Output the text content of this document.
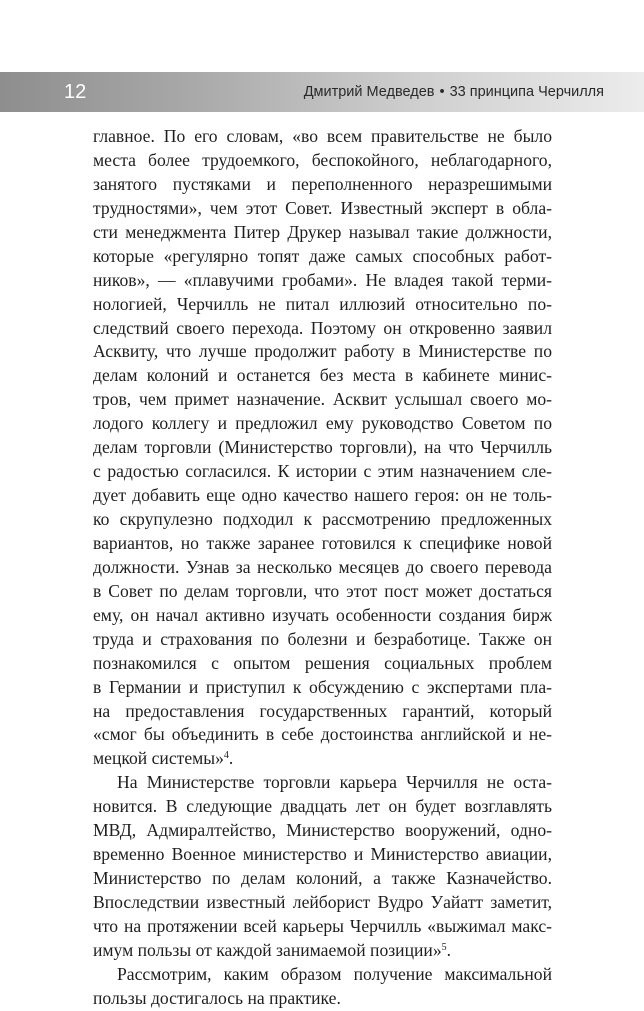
12	Дмитрий Медведев • 33 принципа Черчилля
главное. По его словам, «во всем правительстве не было
места более трудоемкого, беспокойного, неблагодарного,
занятого пустяками и переполненного неразрешимыми
трудностями», чем этот Совет. Известный эксперт в обла-
сти менеджмента Питер Друкер называл такие должности,
которые «регулярно топят даже самых способных работ-
ников», — «плавучими гробами». Не владея такой терми-
нологией, Черчилль не питал иллюзий относительно по-
следствий своего перехода. Поэтому он откровенно заявил
Асквиту, что лучше продолжит работу в Министерстве по
делам колоний и останется без места в кабинете минис-
тров, чем примет назначение. Асквит услышал своего мо-
лодого коллегу и предложил ему руководство Советом по
делам торговли (Министерство торговли), на что Черчилль
с радостью согласился. К истории с этим назначением сле-
дует добавить еще одно качество нашего героя: он не толь-
ко скрупулезно подходил к рассмотрению предложенных
вариантов, но также заранее готовился к специфике новой
должности. Узнав за несколько месяцев до своего перевода
в Совет по делам торговли, что этот пост может достаться
ему, он начал активно изучать особенности создания бирж
труда и страхования по болезни и безработице. Также он
познакомился с опытом решения социальных проблем
в Германии и приступил к обсуждению с экспертами пла-
на предоставления государственных гарантий, который
«смог бы объединить в себе достоинства английской и не-
мецкой системы»$^4$.
На Министерстве торговли карьера Черчилля не оста-
новится. В следующие двадцать лет он будет возглавлять
МВД, Адмиралтейство, Министерство вооружений, одно-
временно Военное министерство и Министерство авиации,
Министерство по делам колоний, а также Казначейство.
Впоследствии известный лейборист Вудро Уайатт заметит,
что на протяжении всей карьеры Черчилль «выжимал макс-
имум пользы от каждой занимаемой позиции»$^5$.
Рассмотрим, каким образом получение максимальной
пользы достигалось на практике.
